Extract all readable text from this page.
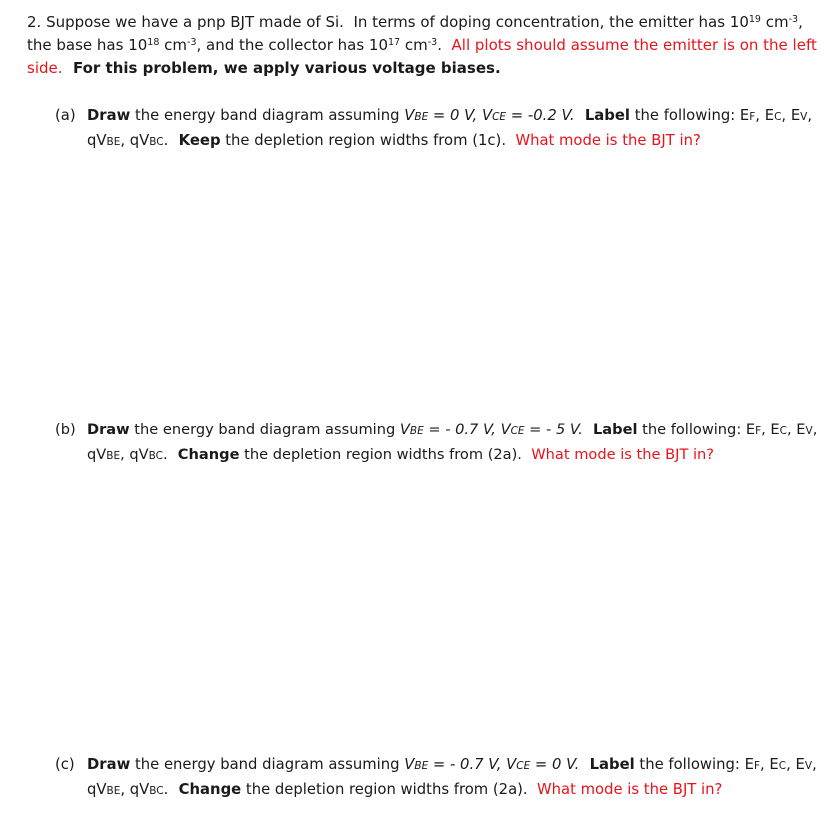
2. Suppose we have a pnp BJT made of Si.  In terms of doping concentration, the emitter has $10^{19}$ $cm^{-3}$,
the base has $10^{18}$ $cm^{-3}$, and the collector has $10^{17}$ $cm^{-3}$.  All plots should assume the emitter is on the left
side.  For this problem, we apply various voltage biases.
(a) Draw the energy band diagram assuming VBE = 0 V, VCE = -0.2 V.  Label the following: EF, EC, EV,
qVBE, qVBC.  Keep the depletion region widths from (1c).  What mode is the BJT in?
(b) Draw the energy band diagram assuming VBE = - 0.7 V, VCE = - 5 V.  Label the following: EF, EC, EV,
qVBE, qVBC.  Change the depletion region widths from (2a).  What mode is the BJT in?
(c) Draw the energy band diagram assuming VBE = - 0.7 V, VCE = 0 V.  Label the following: EF, EC, EV,
qVBE, qVBC.  Change the depletion region widths from (2a).  What mode is the BJT in?
